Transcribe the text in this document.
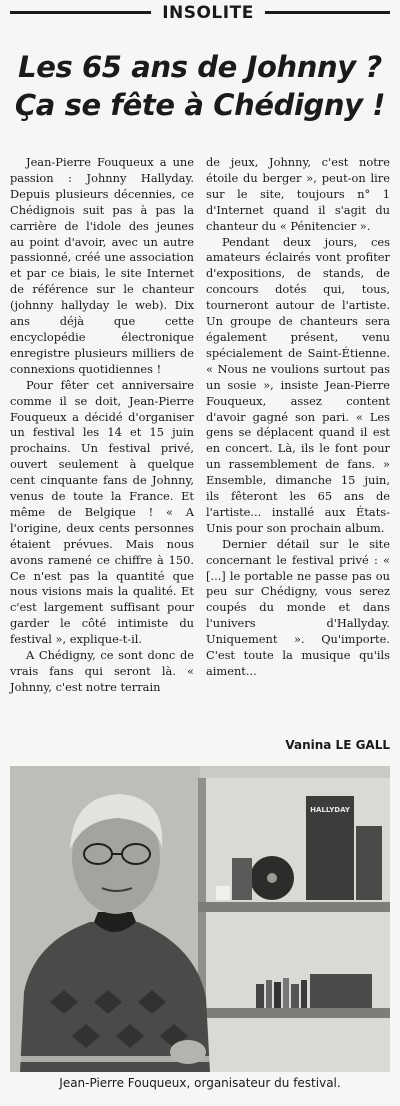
INSOLITE
Les 65 ans de Johnny ?
Ça se fête à Chédigny !

Jean-Pierre Fouqueux a une passion : Johnny Hallyday. Depuis plusieurs décennies, ce Chédignois suit pas à pas la carrière de l'idole des jeunes au point d'avoir, avec un autre passionné, créé une association et par ce biais, le site Internet de référence sur le chanteur (johnny hallyday le web). Dix ans déjà que cette encyclopédie électronique enregistre plusieurs milliers de connexions quotidiennes !

Pour fêter cet anniversaire comme il se doit, Jean-Pierre Fouqueux a décidé d'organiser un festival les 14 et 15 juin prochains. Un festival privé, ouvert seulement à quelque cent cinquante fans de Johnny, venus de toute la France. Et même de Belgique ! « A l'origine, deux cents personnes étaient prévues. Mais nous avons ramené ce chiffre à 150. Ce n'est pas la quantité que nous visions mais la qualité. Et c'est largement suffisant pour garder le côté intimiste du festival », explique-t-il.

A Chédigny, ce sont donc de vrais fans qui seront là. « Johnny, c'est notre terrain

de jeux, Johnny, c'est notre étoile du berger », peut-on lire sur le site, toujours n° 1 d'Internet quand il s'agit du chanteur du « Pénitencier ».

Pendant deux jours, ces amateurs éclairés vont profiter d'expositions, de stands, de concours dotés qui, tous, tourneront autour de l'artiste. Un groupe de chanteurs sera également présent, venu spécialement de Saint-Étienne. « Nous ne voulions surtout pas un sosie », insiste Jean-Pierre Fouqueux, assez content d'avoir gagné son pari. « Les gens se déplacent quand il est en concert. Là, ils le font pour un rassemblement de fans. » Ensemble, dimanche 15 juin, ils fêteront les 65 ans de l'artiste... installé aux États-Unis pour son prochain album.

Dernier détail sur le site concernant le festival privé : « [...] le portable ne passe pas ou peu sur Chédigny, vous serez coupés du monde et dans l'univers d'Hallyday. Uniquement ». Qu'importe. C'est toute la musique qu'ils aiment...

Vanina LE GALL
HALLYDAY
Jean-Pierre Fouqueux, organisateur du festival.
